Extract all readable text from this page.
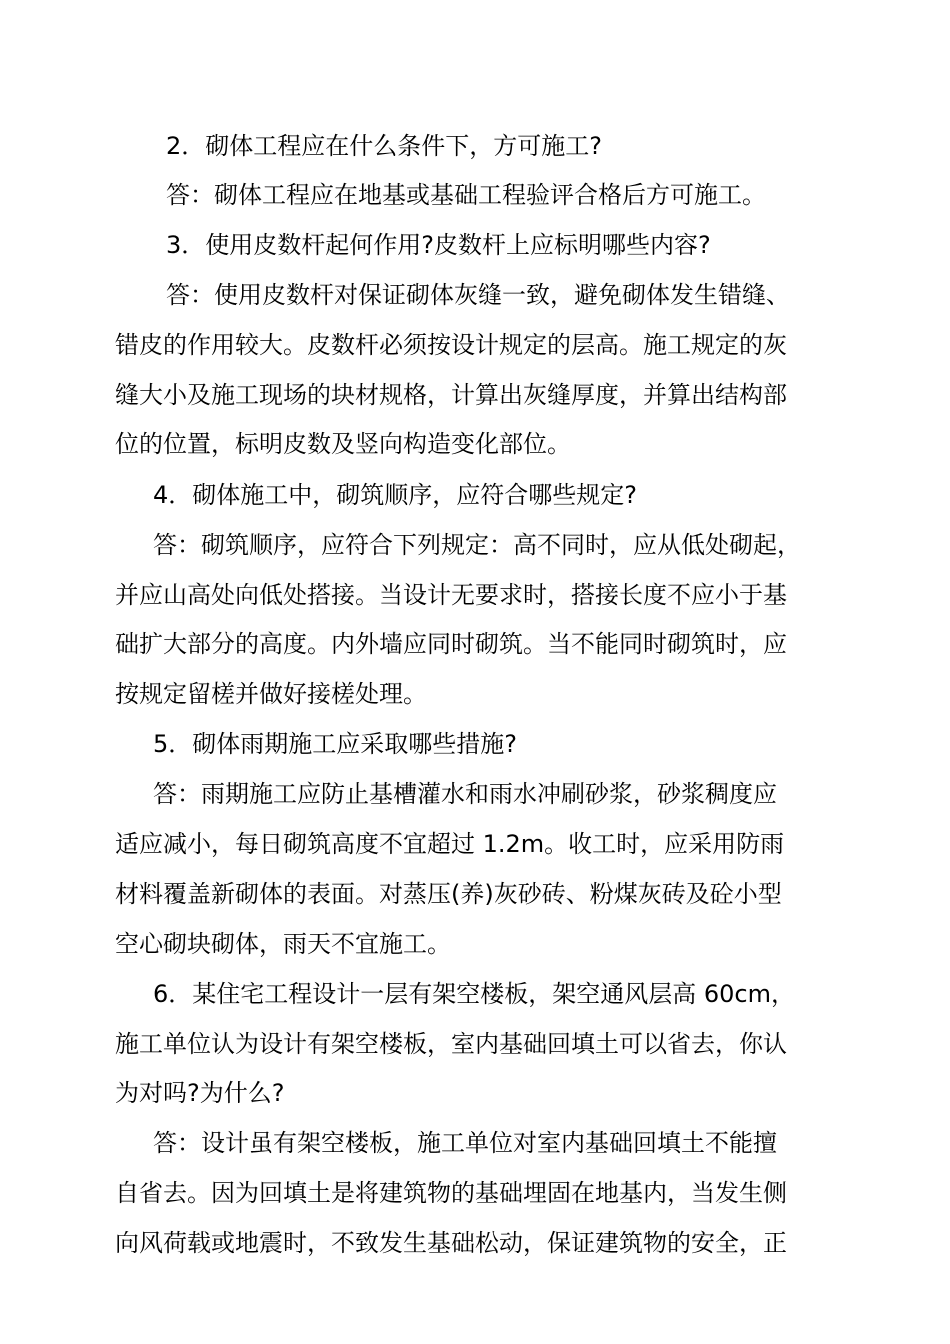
2．砌体工程应在什么条件下，方可施工?
答：砌体工程应在地基或基础工程验评合格后方可施工。
3．使用皮数杆起何作用?皮数杆上应标明哪些内容?
答：使用皮数杆对保证砌体灰缝一致，避免砌体发生错缝、
错皮的作用较大。皮数杆必须按设计规定的层高。施工规定的灰
缝大小及施工现场的块材规格，计算出灰缝厚度，并算出结构部
位的位置，标明皮数及竖向构造变化部位。
4．砌体施工中，砌筑顺序，应符合哪些规定?
答：砌筑顺序，应符合下列规定：高不同时，应从低处砌起，
并应山高处向低处搭接。当设计无要求时，搭接长度不应小于基
础扩大部分的高度。内外墙应同时砌筑。当不能同时砌筑时，应
按规定留槎并做好接槎处理。
5．砌体雨期施工应采取哪些措施?
答：雨期施工应防止基槽灌水和雨水冲刷砂浆，砂浆稠度应
适应减小，每日砌筑高度不宜超过 1.2m。收工时，应采用防雨
材料覆盖新砌体的表面。对蒸压(养)灰砂砖、粉煤灰砖及砼小型
空心砌块砌体，雨天不宜施工。
6．某住宅工程设计一层有架空楼板，架空通风层高 60cm，
施工单位认为设计有架空楼板，室内基础回填土可以省去，你认
为对吗?为什么?
答：设计虽有架空楼板，施工单位对室内基础回填土不能擅
自省去。因为回填土是将建筑物的基础埋固在地基内，当发生侧
向风荷载或地震时，不致发生基础松动，保证建筑物的安全，正
